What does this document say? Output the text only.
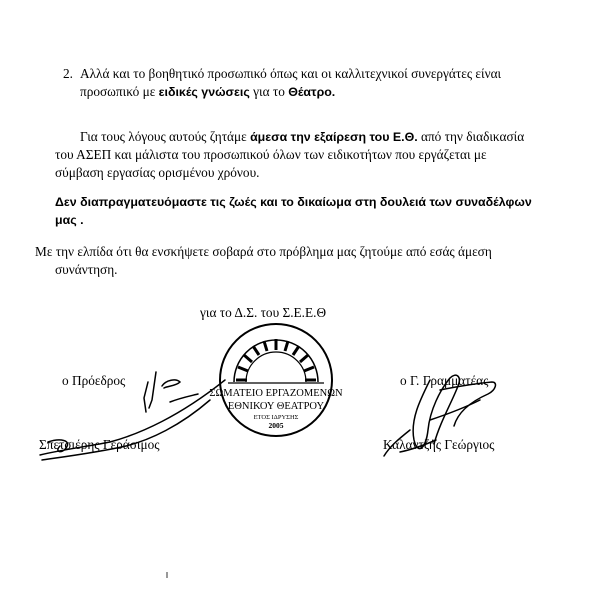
2. Αλλά και το βοηθητικό προσωπικό όπως και οι καλλιτεχνικοί συνεργάτες είναι
προσωπικό με ειδικές γνώσεις για το Θέατρο.
Για τους λόγους αυτούς ζητάμε άμεσα την εξαίρεση του Ε.Θ. από την διαδικασία
του ΑΣΕΠ και μάλιστα του προσωπικού όλων των ειδικοτήτων που εργάζεται με
σύμβαση εργασίας ορισμένου χρόνου.
Δεν διαπραγματευόμαστε τις ζωές και το δικαίωμα στη δουλειά των συναδέλφων
μας .
Με την ελπίδα ότι θα ενσκήψετε σοβαρά στο πρόβλημα μας ζητούμε από εσάς άμεση
συνάντηση.
για το Δ.Σ. του Σ.Ε.Ε.Θ
ΣΩΜΑΤΕΙΟ ΕΡΓΑΖΟΜΕΝΩΝ
ΕΘΝΙΚΟΥ ΘΕΑΤΡΟΥ
ΕΤΟΣ ΙΔΡΥΣΗΣ
2005
ο Πρόεδρος	ο Γ. Γραμματέας
Σπετσιέρης Γεράσιμος	Καλαντζής Γεώργιος
